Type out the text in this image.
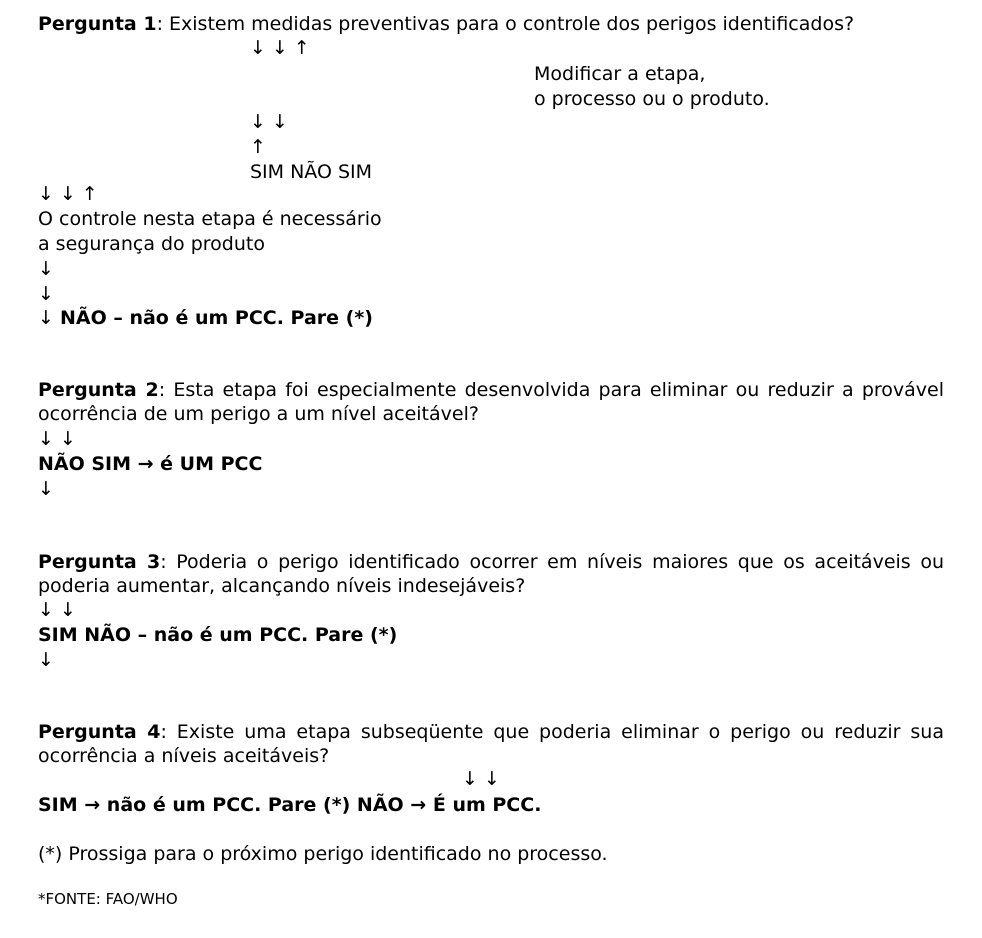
Pergunta 1: Existem medidas preventivas para o controle dos perigos identificados?
↓ ↓ ↑
Modificar a etapa,
o processo ou o produto.
↓ ↓
↑
SIM NÃO SIM
↓ ↓ ↑
O controle nesta etapa é necessário
a segurança do produto
↓
↓
↓ NÃO – não é um PCC. Pare (*)

Pergunta 2: Esta etapa foi especialmente desenvolvida para eliminar ou reduzir a provável ocorrência de um perigo a um nível aceitável?

↓ ↓
NÃO SIM → é UM PCC
↓

Pergunta 3: Poderia o perigo identificado ocorrer em níveis maiores que os aceitáveis ou poderia aumentar, alcançando níveis indesejáveis?

↓ ↓
SIM NÃO – não é um PCC. Pare (*)
↓

Pergunta 4: Existe uma etapa subseqüente que poderia eliminar o perigo ou reduzir sua ocorrência a níveis aceitáveis?

↓ ↓
SIM → não é um PCC. Pare (*) NÃO → É um PCC.
(*) Prossiga para o próximo perigo identificado no processo.
*FONTE: FAO/WHO
